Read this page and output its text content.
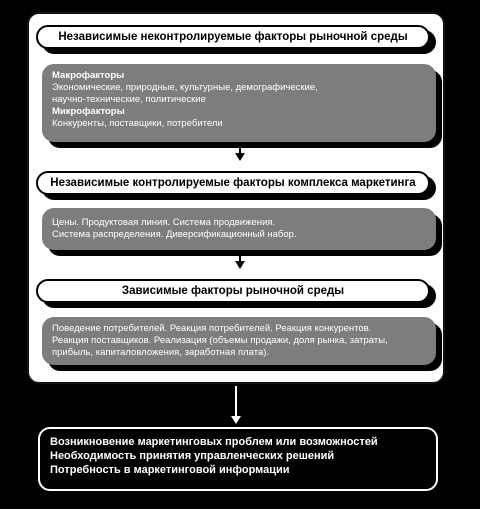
Независимые неконтролируемые факторы рыночной среды
Макрофакторы
Экономические, природные, культурные, демографические,
научно-технические, политические
Микрофакторы
Конкуренты, поставщики, потребители
Независимые контролируемые факторы комплекса маркетинга
Цены. Продуктовая линия. Система продвижения.
Система распределения. Диверсификационный набор.
Зависимые факторы рыночной среды
Поведение потребителей. Реакция потребителей. Реакция конкурентов.
Реакция поставщиков. Реализация (объемы продажи, доля рынка, затраты,
прибыль, капиталовложения, заработная плата).
Возникновение маркетинговых проблем или возможностей
Необходимость принятия управленческих решений
Потребность в маркетинговой информации
